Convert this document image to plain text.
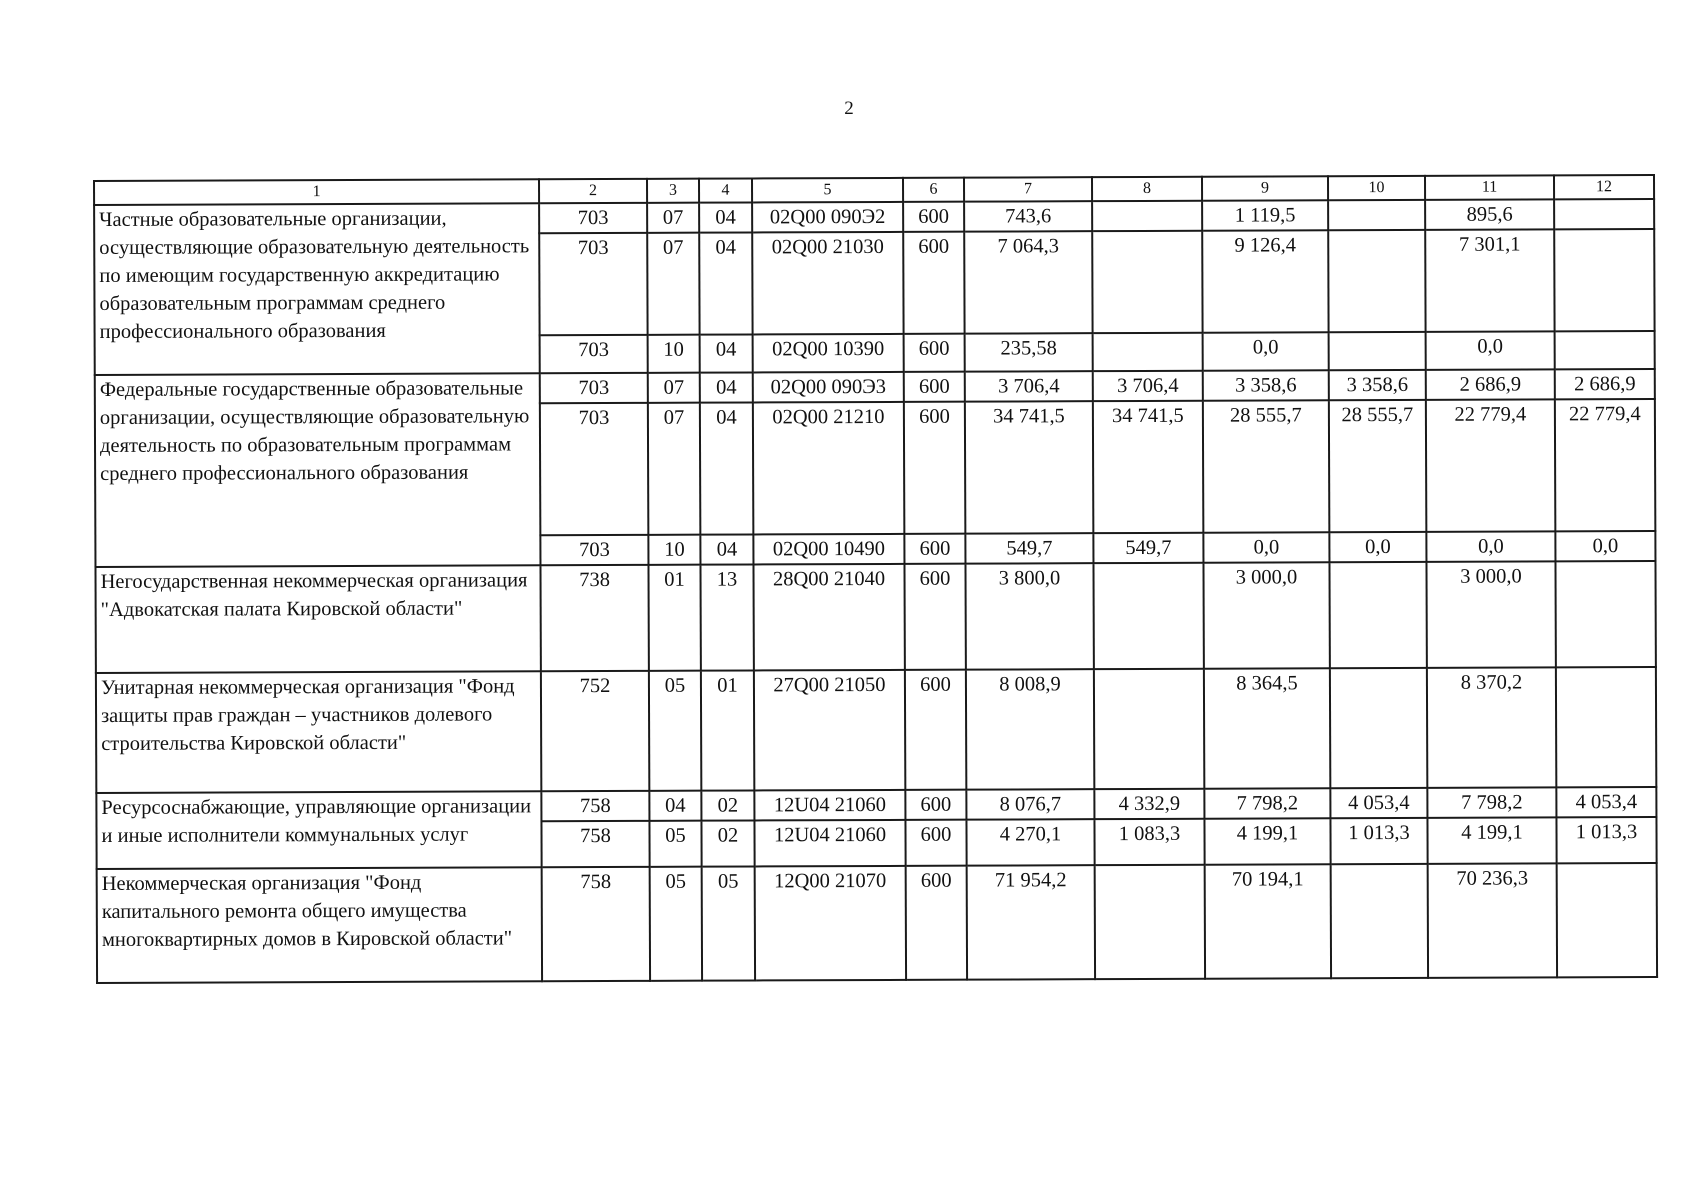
2
1	2	3	4	5	6	7	8	9	10	11	12
Частные образовательные организации, осуществляющие образовательную деятельность по имеющим государственную аккредитацию образовательным программам среднего профессионального образования	703	07	04	02Q00 090Э2	600	743,6		1 119,5		895,6	
	703	07	04	02Q00 21030	600	7 064,3		9 126,4		7 301,1	
	703	10	04	02Q00 10390	600	235,58		0,0		0,0	
Федеральные государственные образовательные организации, осуществляющие образовательную деятельность по образовательным программам среднего профессионального образования	703	07	04	02Q00 090Э3	600	3 706,4	3 706,4	3 358,6	3 358,6	2 686,9	2 686,9
	703	07	04	02Q00 21210	600	34 741,5	34 741,5	28 555,7	28 555,7	22 779,4	22 779,4
	703	10	04	02Q00 10490	600	549,7	549,7	0,0	0,0	0,0	0,0
Негосударственная некоммерческая организация "Адвокатская палата Кировской области"	738	01	13	28Q00 21040	600	3 800,0		3 000,0		3 000,0	
Унитарная некоммерческая организация "Фонд защиты прав граждан – участников долевого строительства Кировской области"	752	05	01	27Q00 21050	600	8 008,9		8 364,5		8 370,2	
Ресурсоснабжающие, управляющие организации и иные исполнители коммунальных услуг	758	04	02	12U04 21060	600	8 076,7	4 332,9	7 798,2	4 053,4	7 798,2	4 053,4
	758	05	02	12U04 21060	600	4 270,1	1 083,3	4 199,1	1 013,3	4 199,1	1 013,3
Некоммерческая организация "Фонд капитального ремонта общего имущества многоквартирных домов в Кировской области"	758	05	05	12Q00 21070	600	71 954,2		70 194,1		70 236,3	
